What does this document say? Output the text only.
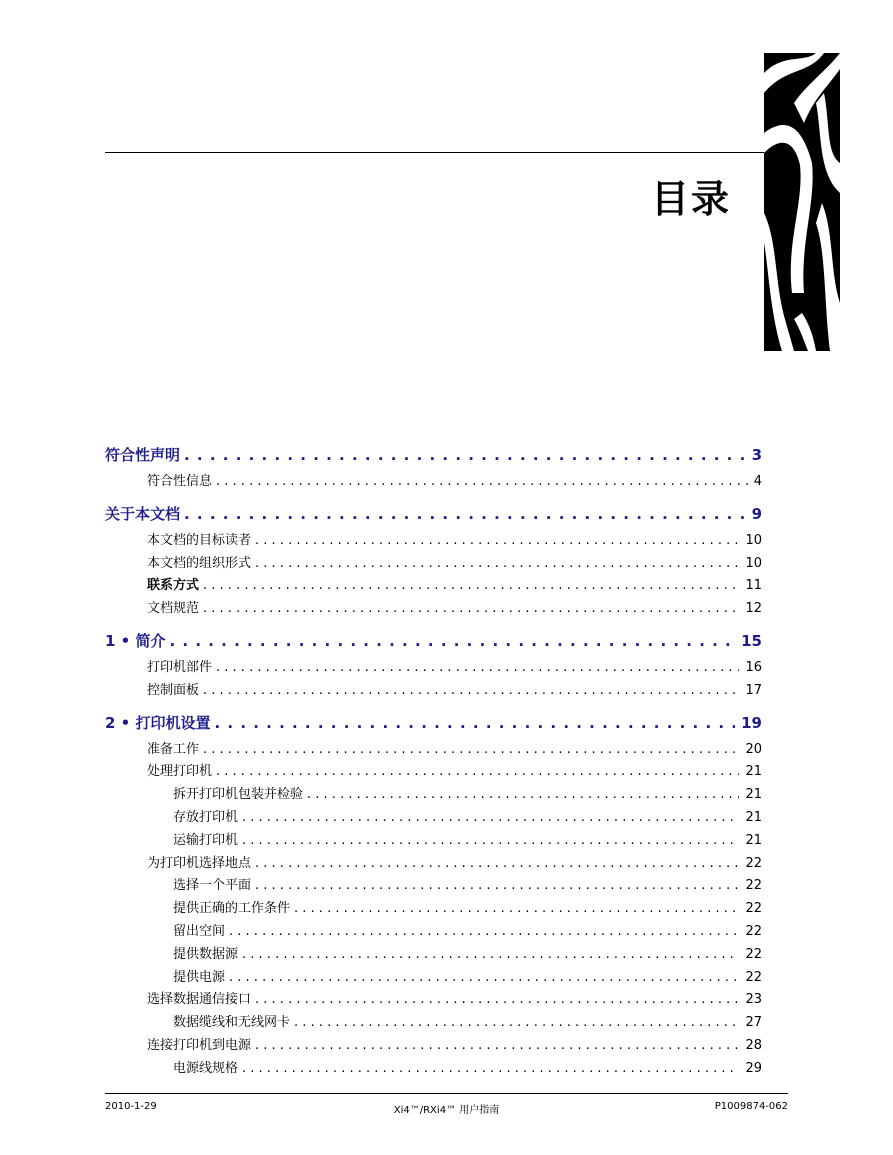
目录
符合性声明 . . .	3
符合性信息 . . .	4
关于本文档 . . .	9
本文档的目标读者 . . .	10
本文档的组织形式 . . .	10
联系方式 . . .	11
文档规范 . . .	12
1 • 简介 . . .	15
打印机部件 . . .	16
控制面板 . . .	17
2 • 打印机设置 . . .	19
准备工作 . . .	20
处理打印机 . . .	21
拆开打印机包装并检验 . . .	21
存放打印机 . . .	21
运输打印机 . . .	21
为打印机选择地点 . . .	22
选择一个平面 . . .	22
提供正确的工作条件 . . .	22
留出空间 . . .	22
提供数据源 . . .	22
提供电源 . . .	22
选择数据通信接口 . . .	23
数据缆线和无线网卡 . . .	27
连接打印机到电源 . . .	28
电源线规格 . . .	29
2010-1-29	Xi4™/RXi4™ 用户指南	P1009874-062
